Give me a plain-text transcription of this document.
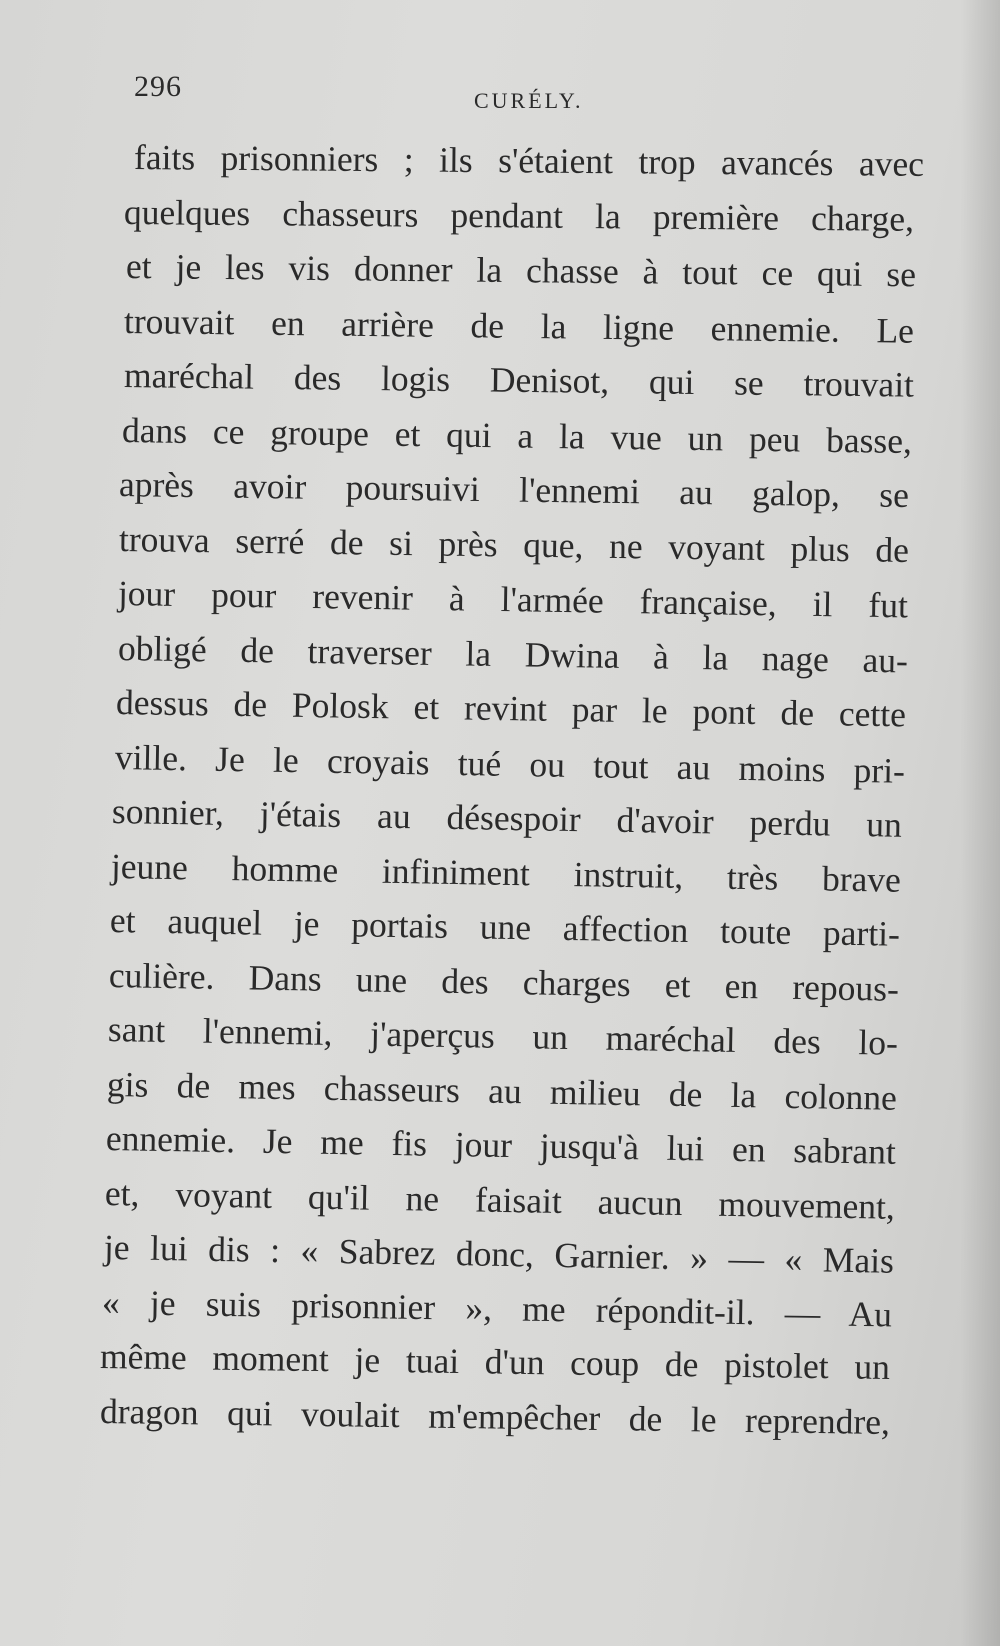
296	CURÉLY.
faits prisonniers ; ils s'étaient trop avancés avec
quelques chasseurs pendant la première charge,
et je les vis donner la chasse à tout ce qui se
trouvait en arrière de la ligne ennemie. Le
maréchal des logis Denisot, qui se trouvait
dans ce groupe et qui a la vue un peu basse,
après avoir poursuivi l'ennemi au galop, se
trouva serré de si près que, ne voyant plus de
jour pour revenir à l'armée française, il fut
obligé de traverser la Dwina à la nage au-
dessus de Polosk et revint par le pont de cette
ville. Je le croyais tué ou tout au moins pri-
sonnier, j'étais au désespoir d'avoir perdu un
jeune homme infiniment instruit, très brave
et auquel je portais une affection toute parti-
culière. Dans une des charges et en repous-
sant l'ennemi, j'aperçus un maréchal des lo-
gis de mes chasseurs au milieu de la colonne
ennemie. Je me fis jour jusqu'à lui en sabrant
et, voyant qu'il ne faisait aucun mouvement,
je lui dis : « Sabrez donc, Garnier. » — « Mais
« je suis prisonnier », me répondit-il. — Au
même moment je tuai d'un coup de pistolet un
dragon qui voulait m'empêcher de le reprendre,
